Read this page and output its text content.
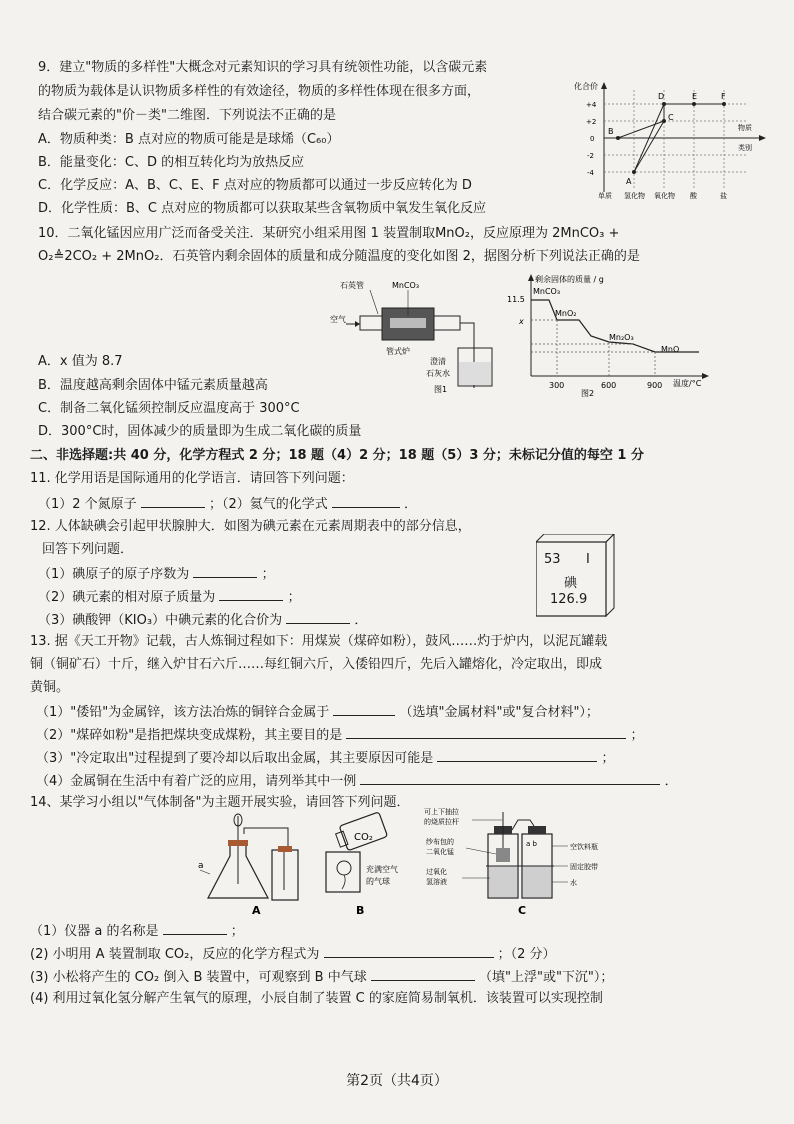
9．建立"物质的多样性"大概念对元素知识的学习具有统领性功能，以含碳元素
的物质为载体是认识物质多样性的有效途径，物质的多样性体现在很多方面，
结合碳元素的"价－类"二维图．下列说法不正确的是
A．物质种类：B 点对应的物质可能是是球烯（C₆₀）
B．能量变化：C、D 的相互转化均为放热反应
C．化学反应：A、B、C、E、F 点对应的物质都可以通过一步反应转化为 D
D．化学性质：B、C 点对应的物质都可以获取某些含氧物质中氧发生氧化反应
化合价
物质
类别
+4
+2
0
-2
-4
单质 氢化物 氧化物 酸	盐
A
B
C
D	E	F
10．二氧化锰因应用广泛而备受关注．某研究小组采用图 1 装置制取MnO₂，反应原理为 2MnCO₃ +
O₂≜2CO₂ + 2MnO₂．石英管内剩余固体的质量和成分随温度的变化如图 2，据图分析下列说法正确的是
石英管	MnCO₃
空气
管式炉
澄清
石灰水
图1
剩余固体的质量 / g
11.5
x
MnCO₃
MnO₂
Mn₂O₃
MnO
300	600	900 温度/°C
图2
A．x 值为 8.7
B．温度越高剩余固体中锰元素质量越高
C．制备二氧化锰须控制反应温度高于 300°C
D．300°C时，固体减少的质量即为生成二氧化碳的质量
二、非选择题:共 40 分，化学方程式 2 分；18 题（4）2 分；18 题（5）3 分；未标记分值的每空 1 分
11. 化学用语是国际通用的化学语言．请回答下列问题：
（1）2 个氮原子	；（2）氦气的化学式	．
12. 人体缺碘会引起甲状腺肿大．如图为碘元素在元素周期表中的部分信息，
回答下列问题．
（1）碘原子的原子序数为	；
（2）碘元素的相对原子质量为	；
（3）碘酸钾（KIO₃）中碘元素的化合价为	．
53 I
碘
126.9
13. 据《天工开物》记载，古人炼铜过程如下：用煤炭（煤碎如粉），鼓风……灼于炉内，以泥瓦罐载
铜（铜矿石）十斤，继入炉甘石六斤……每红铜六斤，入倭铅四斤，先后入罐熔化，冷定取出，即成
黄铜。
（1）"倭铅"为金属锌，该方法冶炼的铜锌合金属于	（选填"金属材料"或"复合材料"）；
（2）"煤碎如粉"是指把煤块变成煤粉，其主要目的是	；
（3）"冷定取出"过程提到了要冷却以后取出金属，其主要原因可能是	；
（4）金属铜在生活中有着广泛的应用，请列举其中一例	．
14、某学习小组以"气体制备"为主题开展实验，请回答下列问题．
a
A
CO₂
充满空气
的气球
B
可上下抽拉
的烧质拉杆
纱布包的
二氧化锰
过氧化
氢溶液
a b	空饮料瓶
固定胶带
水
C
（1）仪器 a 的名称是	；
(2) 小明用 A 装置制取 CO₂，反应的化学方程式为	；（2 分）
(3) 小松将产生的 CO₂ 倒入 B 装置中，可观察到 B 中气球	（填"上浮"或"下沉"）；
(4) 利用过氧化氢分解产生氧气的原理，小辰自制了装置 C 的家庭简易制氧机．该装置可以实现控制
第2页（共4页）
